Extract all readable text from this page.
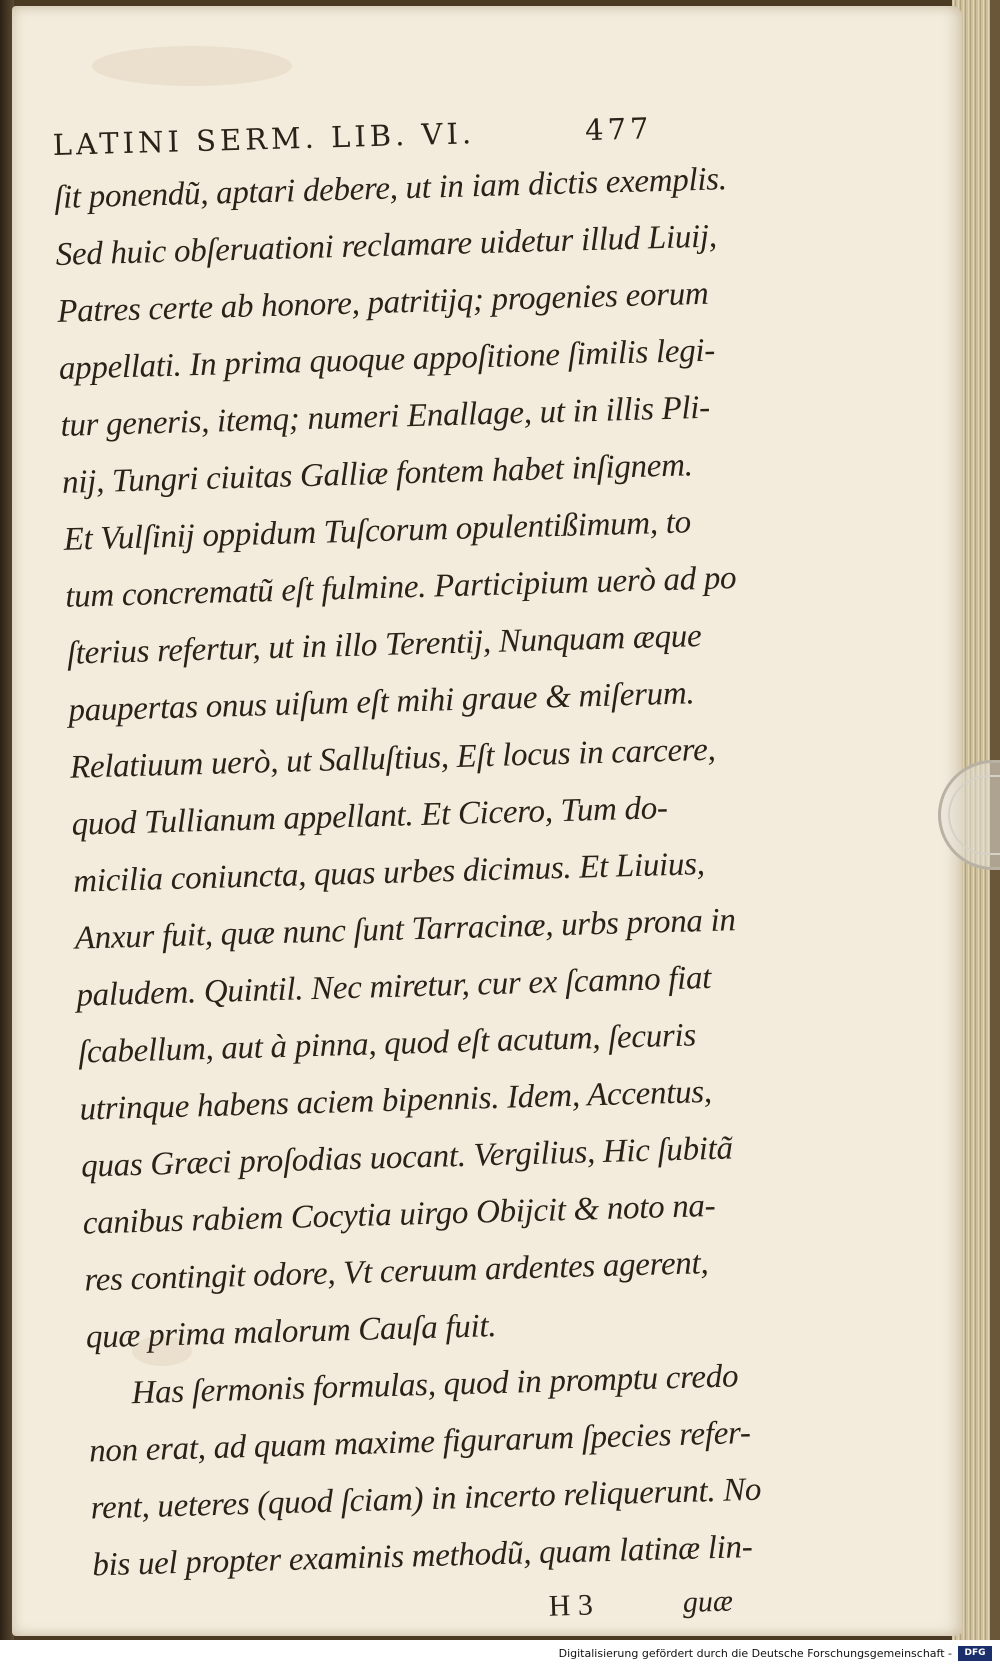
LATINI SERM. LIB. VI.	477
ſit ponendũ, aptari debere, ut in iam dictis exemplis.
Sed huic obſeruationi reclamare uidetur illud Liuij,
Patres certe ab honore, patritijq; progenies eorum
appellati. In prima quoque appoſitione ſimilis legi-
tur generis, itemq; numeri Enallage, ut in illis Pli-
nij, Tungri ciuitas Galliæ fontem habet inſignem.
Et Vulſinij oppidum Tuſcorum opulentißimum, to
tum concrematũ eſt fulmine. Participium uerò ad po
ſterius refertur, ut in illo Terentij, Nunquam æque
paupertas onus uiſum eſt mihi graue & miſerum.
Relatiuum uerò, ut Salluſtius, Eſt locus in carcere,
quod Tullianum appellant. Et Cicero, Tum do-
micilia coniuncta, quas urbes dicimus. Et Liuius,
Anxur fuit, quæ nunc ſunt Tarracinæ, urbs prona in
paludem. Quintil. Nec miretur, cur ex ſcamno fiat
ſcabellum, aut à pinna, quod eſt acutum, ſecuris
utrinque habens aciem bipennis. Idem, Accentus,
quas Græci proſodias uocant. Vergilius, Hic ſubitã
canibus rabiem Cocytia uirgo Obijcit & noto na-
res contingit odore, Vt ceruum ardentes agerent,
quæ prima malorum Cauſa fuit.
Has ſermonis formulas, quod in promptu credo
non erat, ad quam maxime figurarum ſpecies refer-
rent, ueteres (quod ſciam) in incerto reliquerunt. No
bis uel propter examinis methodũ, quam latinæ lin-
H 3	guæ
Digitalisierung gefördert durch die Deutsche Forschungsgemeinschaft -	DFG
